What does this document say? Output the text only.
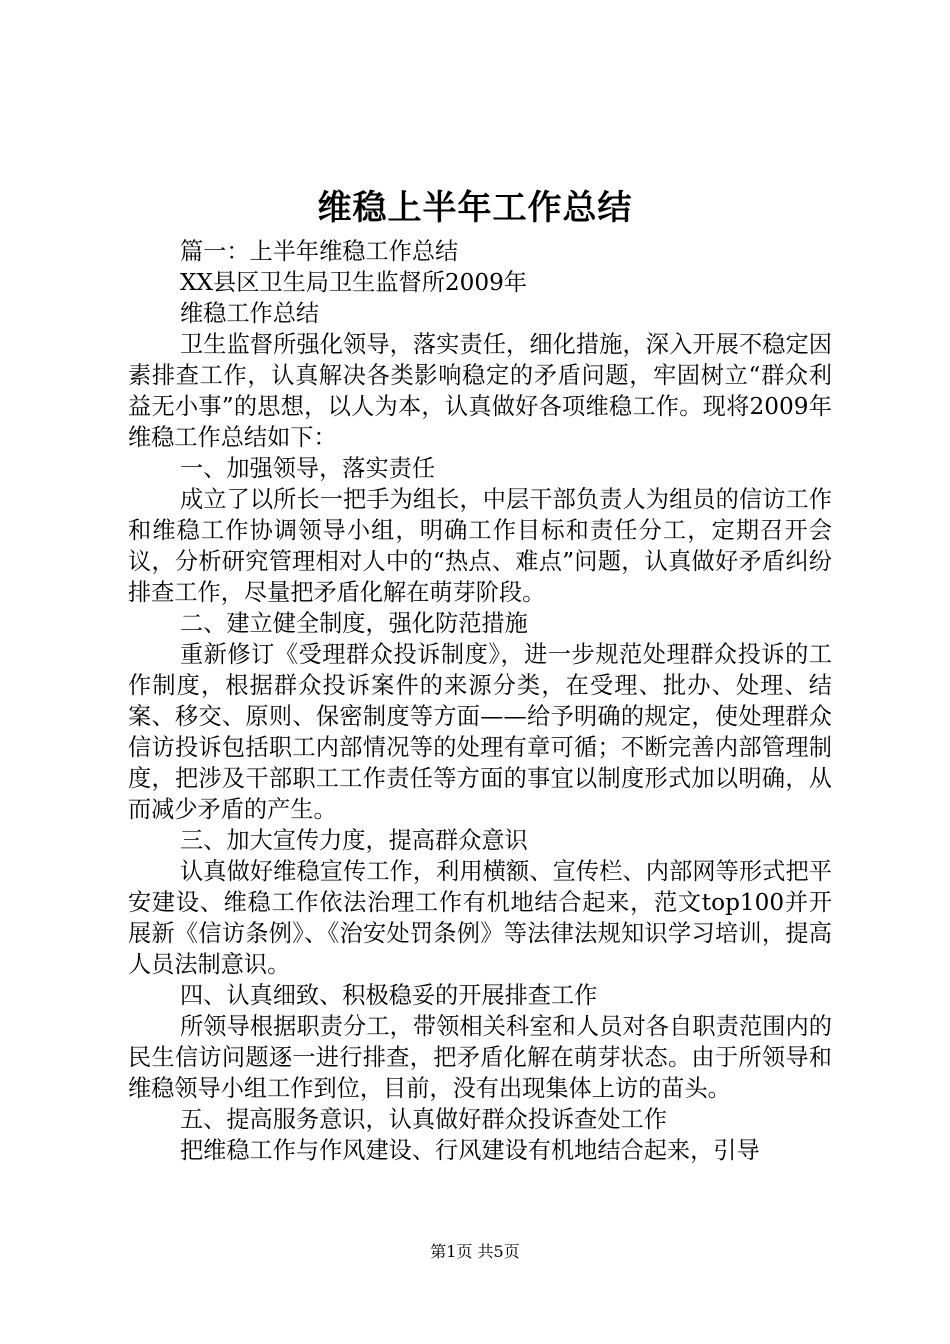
维稳上半年工作总结

篇一：上半年维稳工作总结

XX县区卫生局卫生监督所2009年

维稳工作总结

卫生监督所强化领导，落实责任，细化措施，深入开展不稳定因素排查工作，认真解决各类影响稳定的矛盾问题，牢固树立“群众利益无小事”的思想，以人为本，认真做好各项维稳工作。现将2009年维稳工作总结如下：

一、加强领导，落实责任

成立了以所长一把手为组长，中层干部负责人为组员的信访工作和维稳工作协调领导小组，明确工作目标和责任分工，定期召开会议，分析研究管理相对人中的“热点、难点”问题，认真做好矛盾纠纷排查工作，尽量把矛盾化解在萌芽阶段。

二、建立健全制度，强化防范措施

重新修订《受理群众投诉制度》，进一步规范处理群众投诉的工作制度，根据群众投诉案件的来源分类，在受理、批办、处理、结案、移交、原则、保密制度等方面——给予明确的规定，使处理群众信访投诉包括职工内部情况等的处理有章可循；不断完善内部管理制度，把涉及干部职工工作责任等方面的事宜以制度形式加以明确，从而减少矛盾的产生。

三、加大宣传力度，提高群众意识

认真做好维稳宣传工作，利用横额、宣传栏、内部网等形式把平安建设、维稳工作依法治理工作有机地结合起来，范文top100并开展新《信访条例》、《治安处罚条例》等法律法规知识学习培训，提高人员法制意识。

四、认真细致、积极稳妥的开展排查工作

所领导根据职责分工，带领相关科室和人员对各自职责范围内的民生信访问题逐一进行排查，把矛盾化解在萌芽状态。由于所领导和维稳领导小组工作到位，目前，没有出现集体上访的苗头。

五、提高服务意识，认真做好群众投诉查处工作

把维稳工作与作风建设、行风建设有机地结合起来，引导

第1页 共5页
